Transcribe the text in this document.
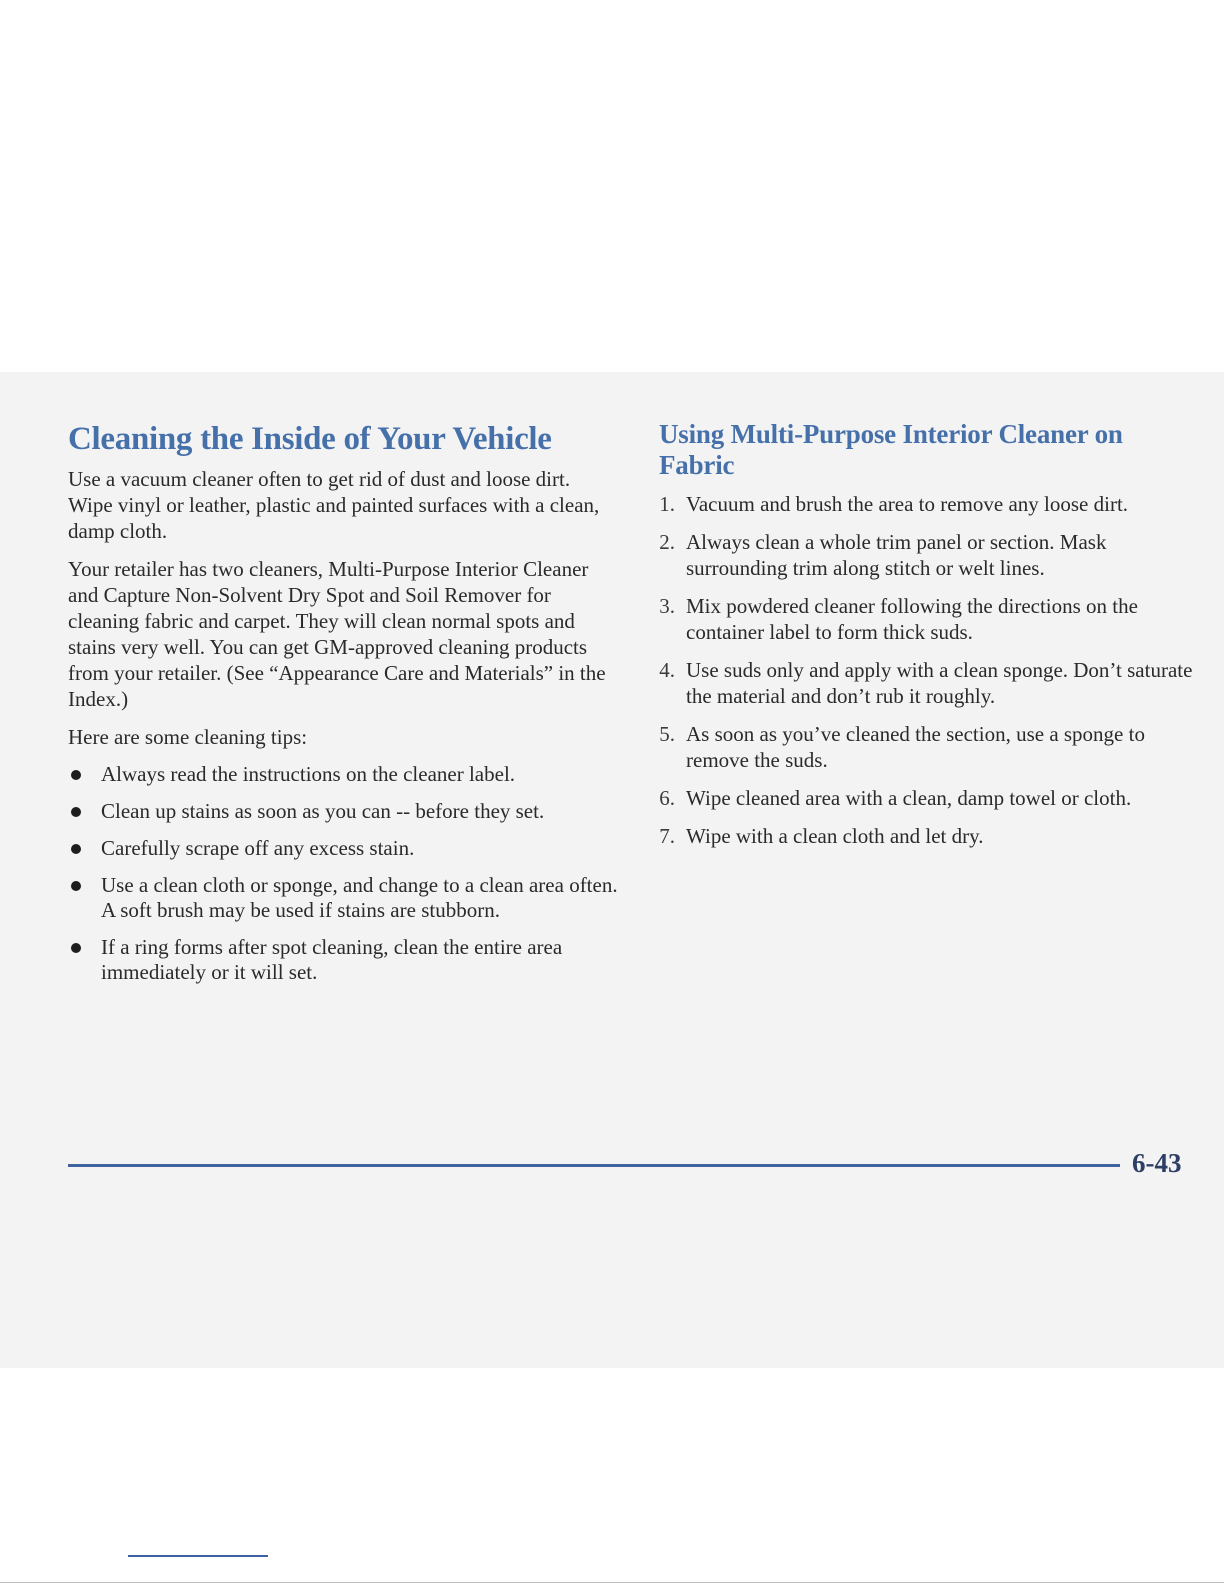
Cleaning the Inside of Your Vehicle

Use a vacuum cleaner often to get rid of dust and loose dirt. Wipe vinyl or leather, plastic and painted surfaces with a clean, damp cloth.

Your retailer has two cleaners, Multi-Purpose Interior Cleaner and Capture Non-Solvent Dry Spot and Soil Remover for cleaning fabric and carpet. They will clean normal spots and stains very well. You can get GM-approved cleaning products from your retailer. (See “Appearance Care and Materials” in the Index.)

Here are some cleaning tips:

Always read the instructions on the cleaner label.
Clean up stains as soon as you can -- before they set.
Carefully scrape off any excess stain.
Use a clean cloth or sponge, and change to a clean area often. A soft brush may be used if stains are stubborn.
If a ring forms after spot cleaning, clean the entire area immediately or it will set.
Using Multi-Purpose Interior Cleaner on Fabric
1. Vacuum and brush the area to remove any loose dirt.
2. Always clean a whole trim panel or section. Mask surrounding trim along stitch or welt lines.
3. Mix powdered cleaner following the directions on the container label to form thick suds.
4. Use suds only and apply with a clean sponge. Don’t saturate the material and don’t rub it roughly.
5. As soon as you’ve cleaned the section, use a sponge to remove the suds.
6. Wipe cleaned area with a clean, damp towel or cloth.
7. Wipe with a clean cloth and let dry.
6-43
